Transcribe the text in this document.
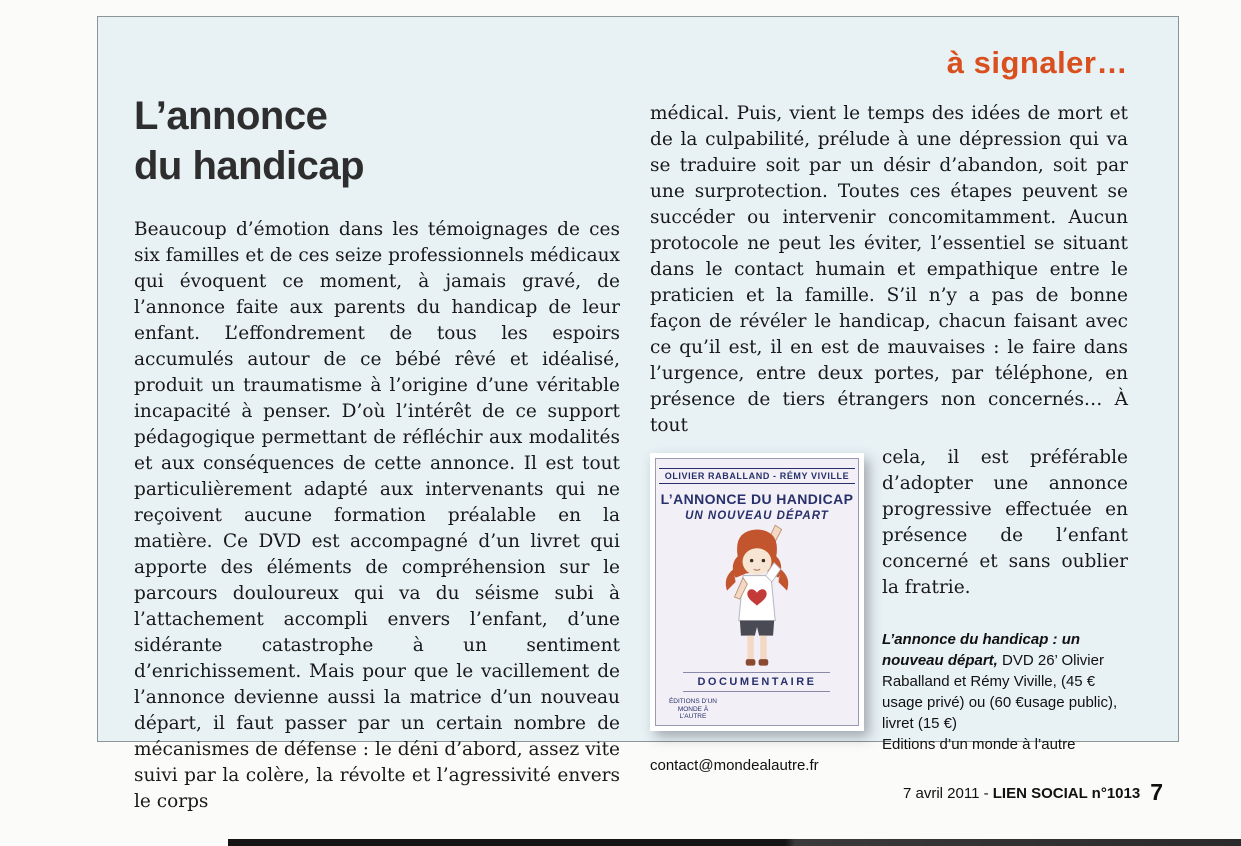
à signaler…
L’annonce
du handicap

Beaucoup d’émotion dans les témoignages de ces six familles et de ces seize professionnels médicaux qui évoquent ce moment, à jamais gravé, de l’annonce faite aux parents du handicap de leur enfant. L’effondrement de tous les espoirs accumulés autour de ce bébé rêvé et idéalisé, produit un traumatisme à l’origine d’une véritable incapacité à penser. D’où l’intérêt de ce support pédagogique permettant de réfléchir aux modalités et aux conséquences de cette annonce. Il est tout particulièrement adapté aux intervenants qui ne reçoivent aucune formation préalable en la matière. Ce DVD est accompagné d’un livret qui apporte des éléments de compréhension sur le parcours douloureux qui va du séisme subi à l’attachement accompli envers l’enfant, d’une sidérante catastrophe à un sentiment d’enrichissement. Mais pour que le vacillement de l’annonce devienne aussi la matrice d’un nouveau départ, il faut passer par un certain nombre de mécanismes de défense : le déni d’abord, assez vite suivi par la colère, la révolte et l’agressivité envers le corps

médical. Puis, vient le temps des idées de mort et de la culpabilité, prélude à une dépression qui va se traduire soit par un désir d’abandon, soit par une surprotection. Toutes ces étapes peuvent se succéder ou intervenir concomitamment. Aucun protocole ne peut les éviter, l’essentiel se situant dans le contact humain et empathique entre le praticien et la famille. S’il n’y a pas de bonne façon de révéler le handicap, chacun faisant avec ce qu’il est, il en est de mauvaises : le faire dans l’urgence, entre deux portes, par téléphone, en présence de tiers étrangers non concernés… À tout

OLIVIER RABALLAND - RÉMY VIVILLE
L’ANNONCE DU HANDICAP
UN NOUVEAU DÉPART
DOCUMENTAIRE
ÉDITIONS D’UN MONDE À L’AUTRE

cela, il est préférable d’adopter une annonce progressive effectuée en présence de l’enfant concerné et sans oublier la fratrie.

L’annonce du handicap : un nouveau départ, DVD 26’ Olivier Raballand et Rémy Viville, (45 € usage privé) ou (60 €usage public), livret (15 €)
Editions d’un monde à l’autre
contact@mondealautre.fr
7 avril 2011 - LIEN SOCIAL n°1013 7
